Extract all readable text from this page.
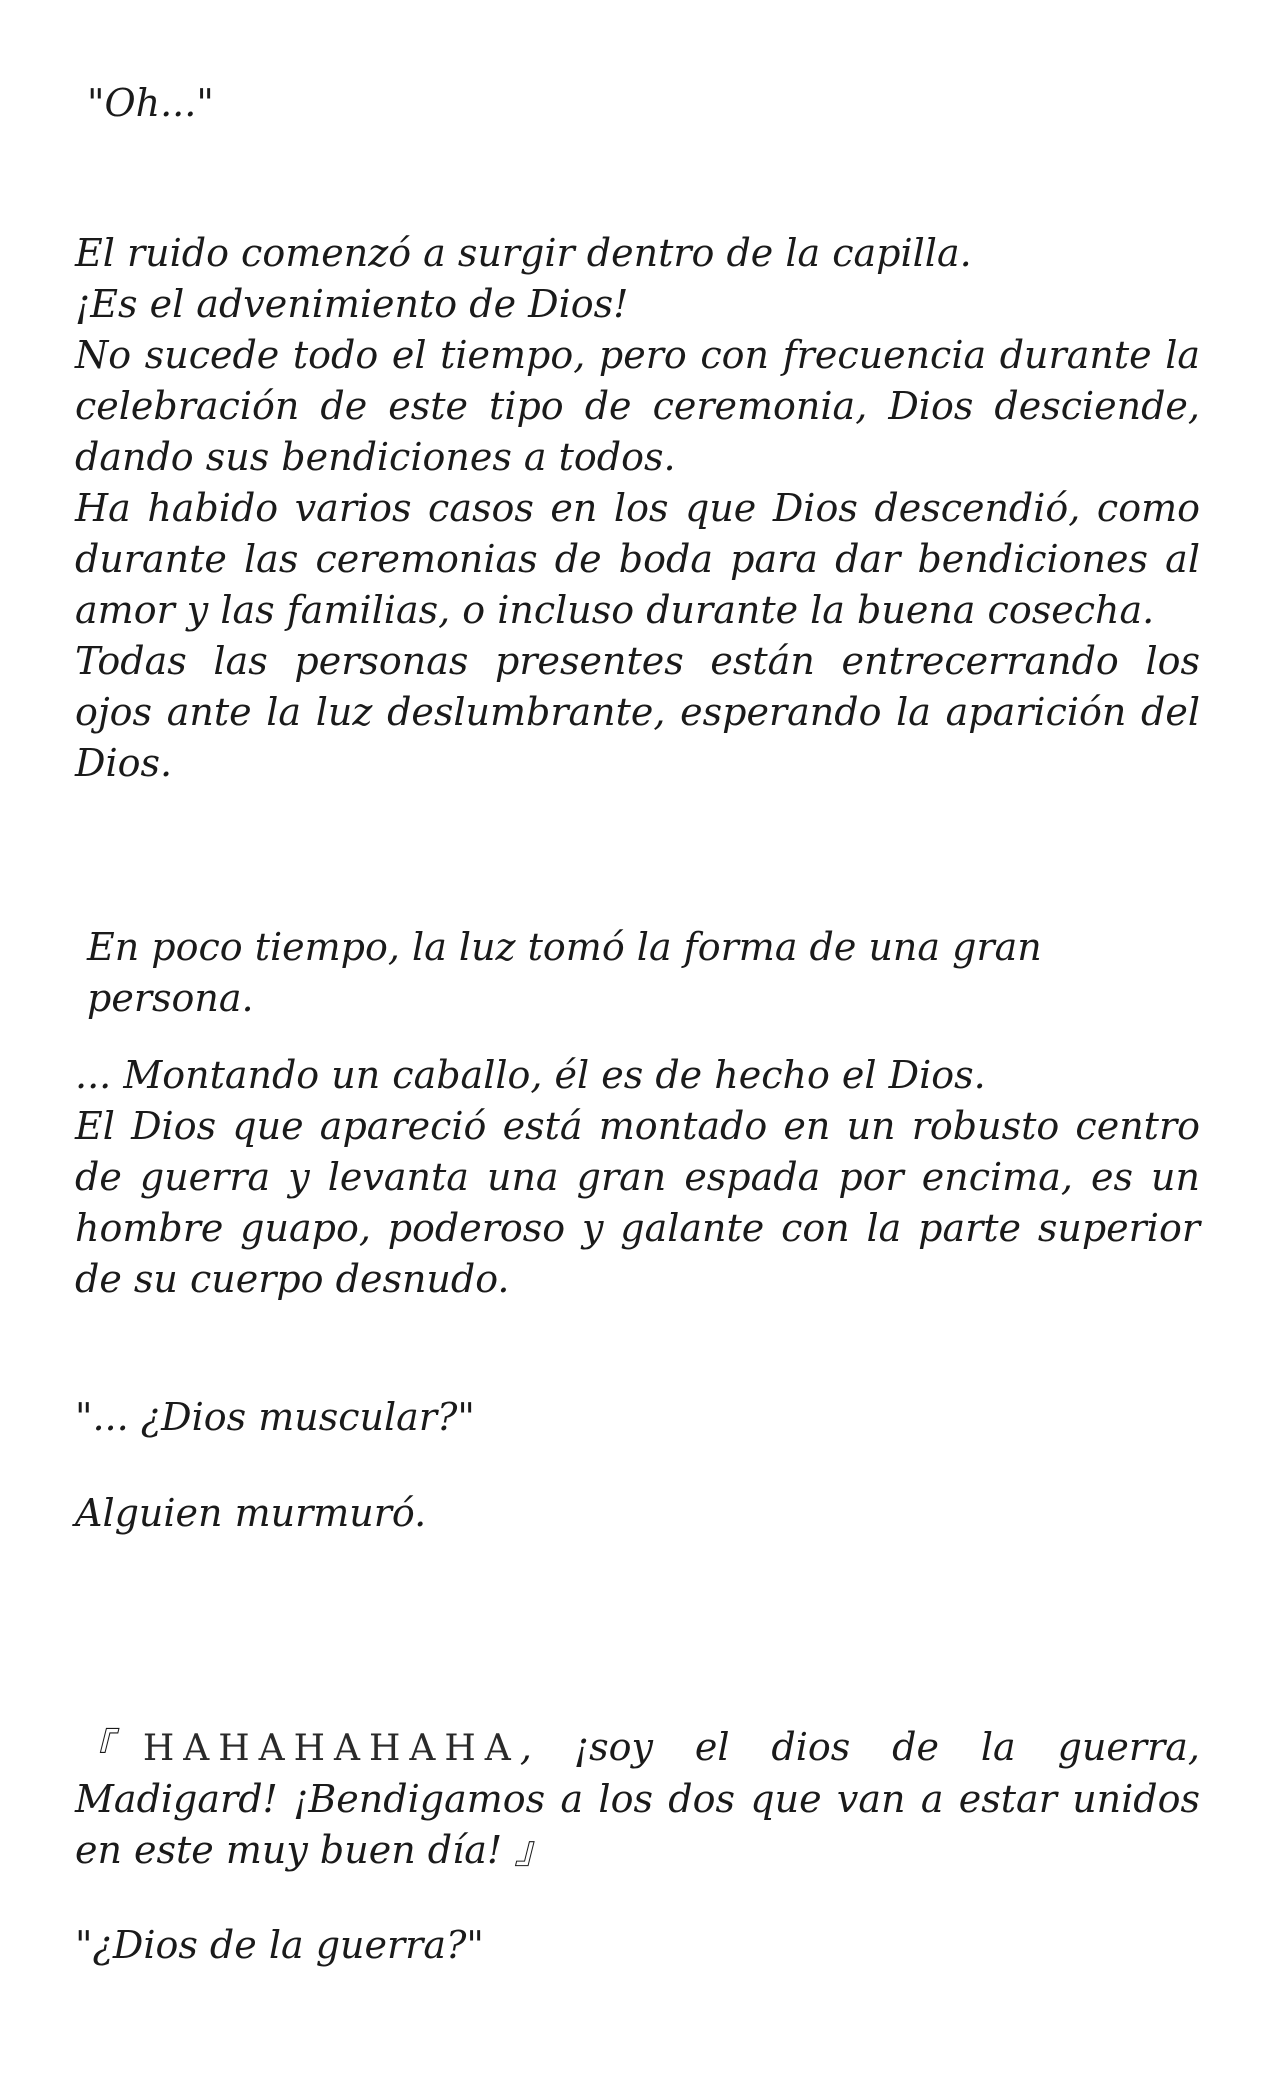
"Oh..."

El ruido comenzó a surgir dentro de la capilla.

¡Es el advenimiento de Dios!

No sucede todo el tiempo, pero con frecuencia durante la celebración de este tipo de ceremonia, Dios desciende, dando sus bendiciones a todos.

Ha habido varios casos en los que Dios descendió, como durante las ceremonias de boda para dar bendiciones al amor y las familias, o incluso durante la buena cosecha.

Todas las personas presentes están entrecerrando los ojos ante la luz deslumbrante, esperando la aparición del Dios.

En poco tiempo, la luz tomó la forma de una gran persona.

... Montando un caballo, él es de hecho el Dios.

El Dios que apareció está montado en un robusto centro de guerra y levanta una gran espada por encima, es un hombre guapo, poderoso y galante con la parte superior de su cuerpo desnudo.

"... ¿Dios muscular?"

Alguien murmuró.

『HAHAHAHAHA, ¡soy el dios de la guerra, Madigard! ¡Bendigamos a los dos que van a estar unidos en este muy buen día! 』

"¿Dios de la guerra?"
